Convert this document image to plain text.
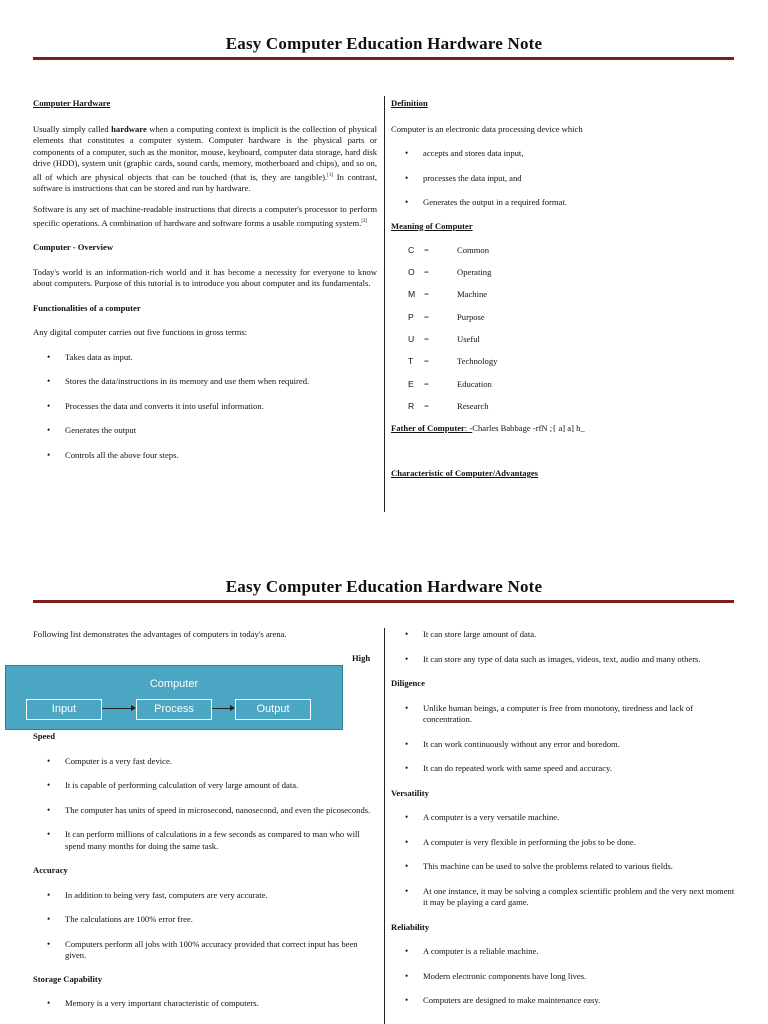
Easy Computer Education Hardware Note

Computer Hardware

Usually simply called hardware when a computing context is implicit is the collection of physical elements that constitutes a computer system. Computer hardware is the physical parts or components of a computer, such as the monitor, mouse, keyboard, computer data storage, hard disk drive (HDD), system unit (graphic cards, sound cards, memory, motherboard and chips), and so on, all of which are physical objects that can be touched (that is, they are tangible).[1] In contrast, software is instructions that can be stored and run by hardware.

Software is any set of machine-readable instructions that directs a computer's processor to perform specific operations. A combination of hardware and software forms a usable computing system.[2]

Computer - Overview

Today's world is an information-rich world and it has become a necessity for everyone to know about computers. Purpose of this tutorial is to introduce you about computer and its fundamentals.

Functionalities of a computer

Any digital computer carries out five functions in gross terms:

• Takes data as input.
• Stores the data/instructions in its memory and use them when required.
• Processes the data and converts it into useful information.
• Generates the output
• Controls all the above four steps.

Definition

Computer is an electronic data processing device which

• accepts and stores data input,
• processes the data input, and
• Generates the output in a required format.

Meaning of Computer

C =	Common
O =	Operating
M =	Machine
P =	Purpose
U =	Useful
T =	Technology
E =	Education
R =	Research

Father of Computer: -Charles Babbage -rfN ;{ a] a] h_

Characteristic of Computer/Advantages

Easy Computer Education Hardware Note

Following list demonstrates the advantages of computers in today's arena.

High

Computer
Input	Process	Output

Speed

• Computer is a very fast device.
• It is capable of performing calculation of very large amount of data.
• The computer has units of speed in microsecond, nanosecond, and even the picoseconds.
• It can perform millions of calculations in a few seconds as compared to man who will spend many months for doing the same task.

Accuracy

• In addition to being very fast, computers are very accurate.
• The calculations are 100% error free.
• Computers perform all jobs with 100% accuracy provided that correct input has been given.

Storage Capability

• Memory is a very important characteristic of computers.
• It can store large amount of data.
• It can store any type of data such as images, videos, text, audio and many others.

Diligence

• Unlike human beings, a computer is free from monotony, tiredness and lack of concentration.
• It can work continuously without any error and boredom.
• It can do repeated work with same speed and accuracy.

Versatility

• A computer is a very versatile machine.
• A computer is very flexible in performing the jobs to be done.
• This machine can be used to solve the problems related to various fields.
• At one instance, it may be solving a complex scientific problem and the very next moment it may be playing a card game.

Reliability

• A computer is a reliable machine.
• Modern electronic components have long lives.
• Computers are designed to make maintenance easy.
